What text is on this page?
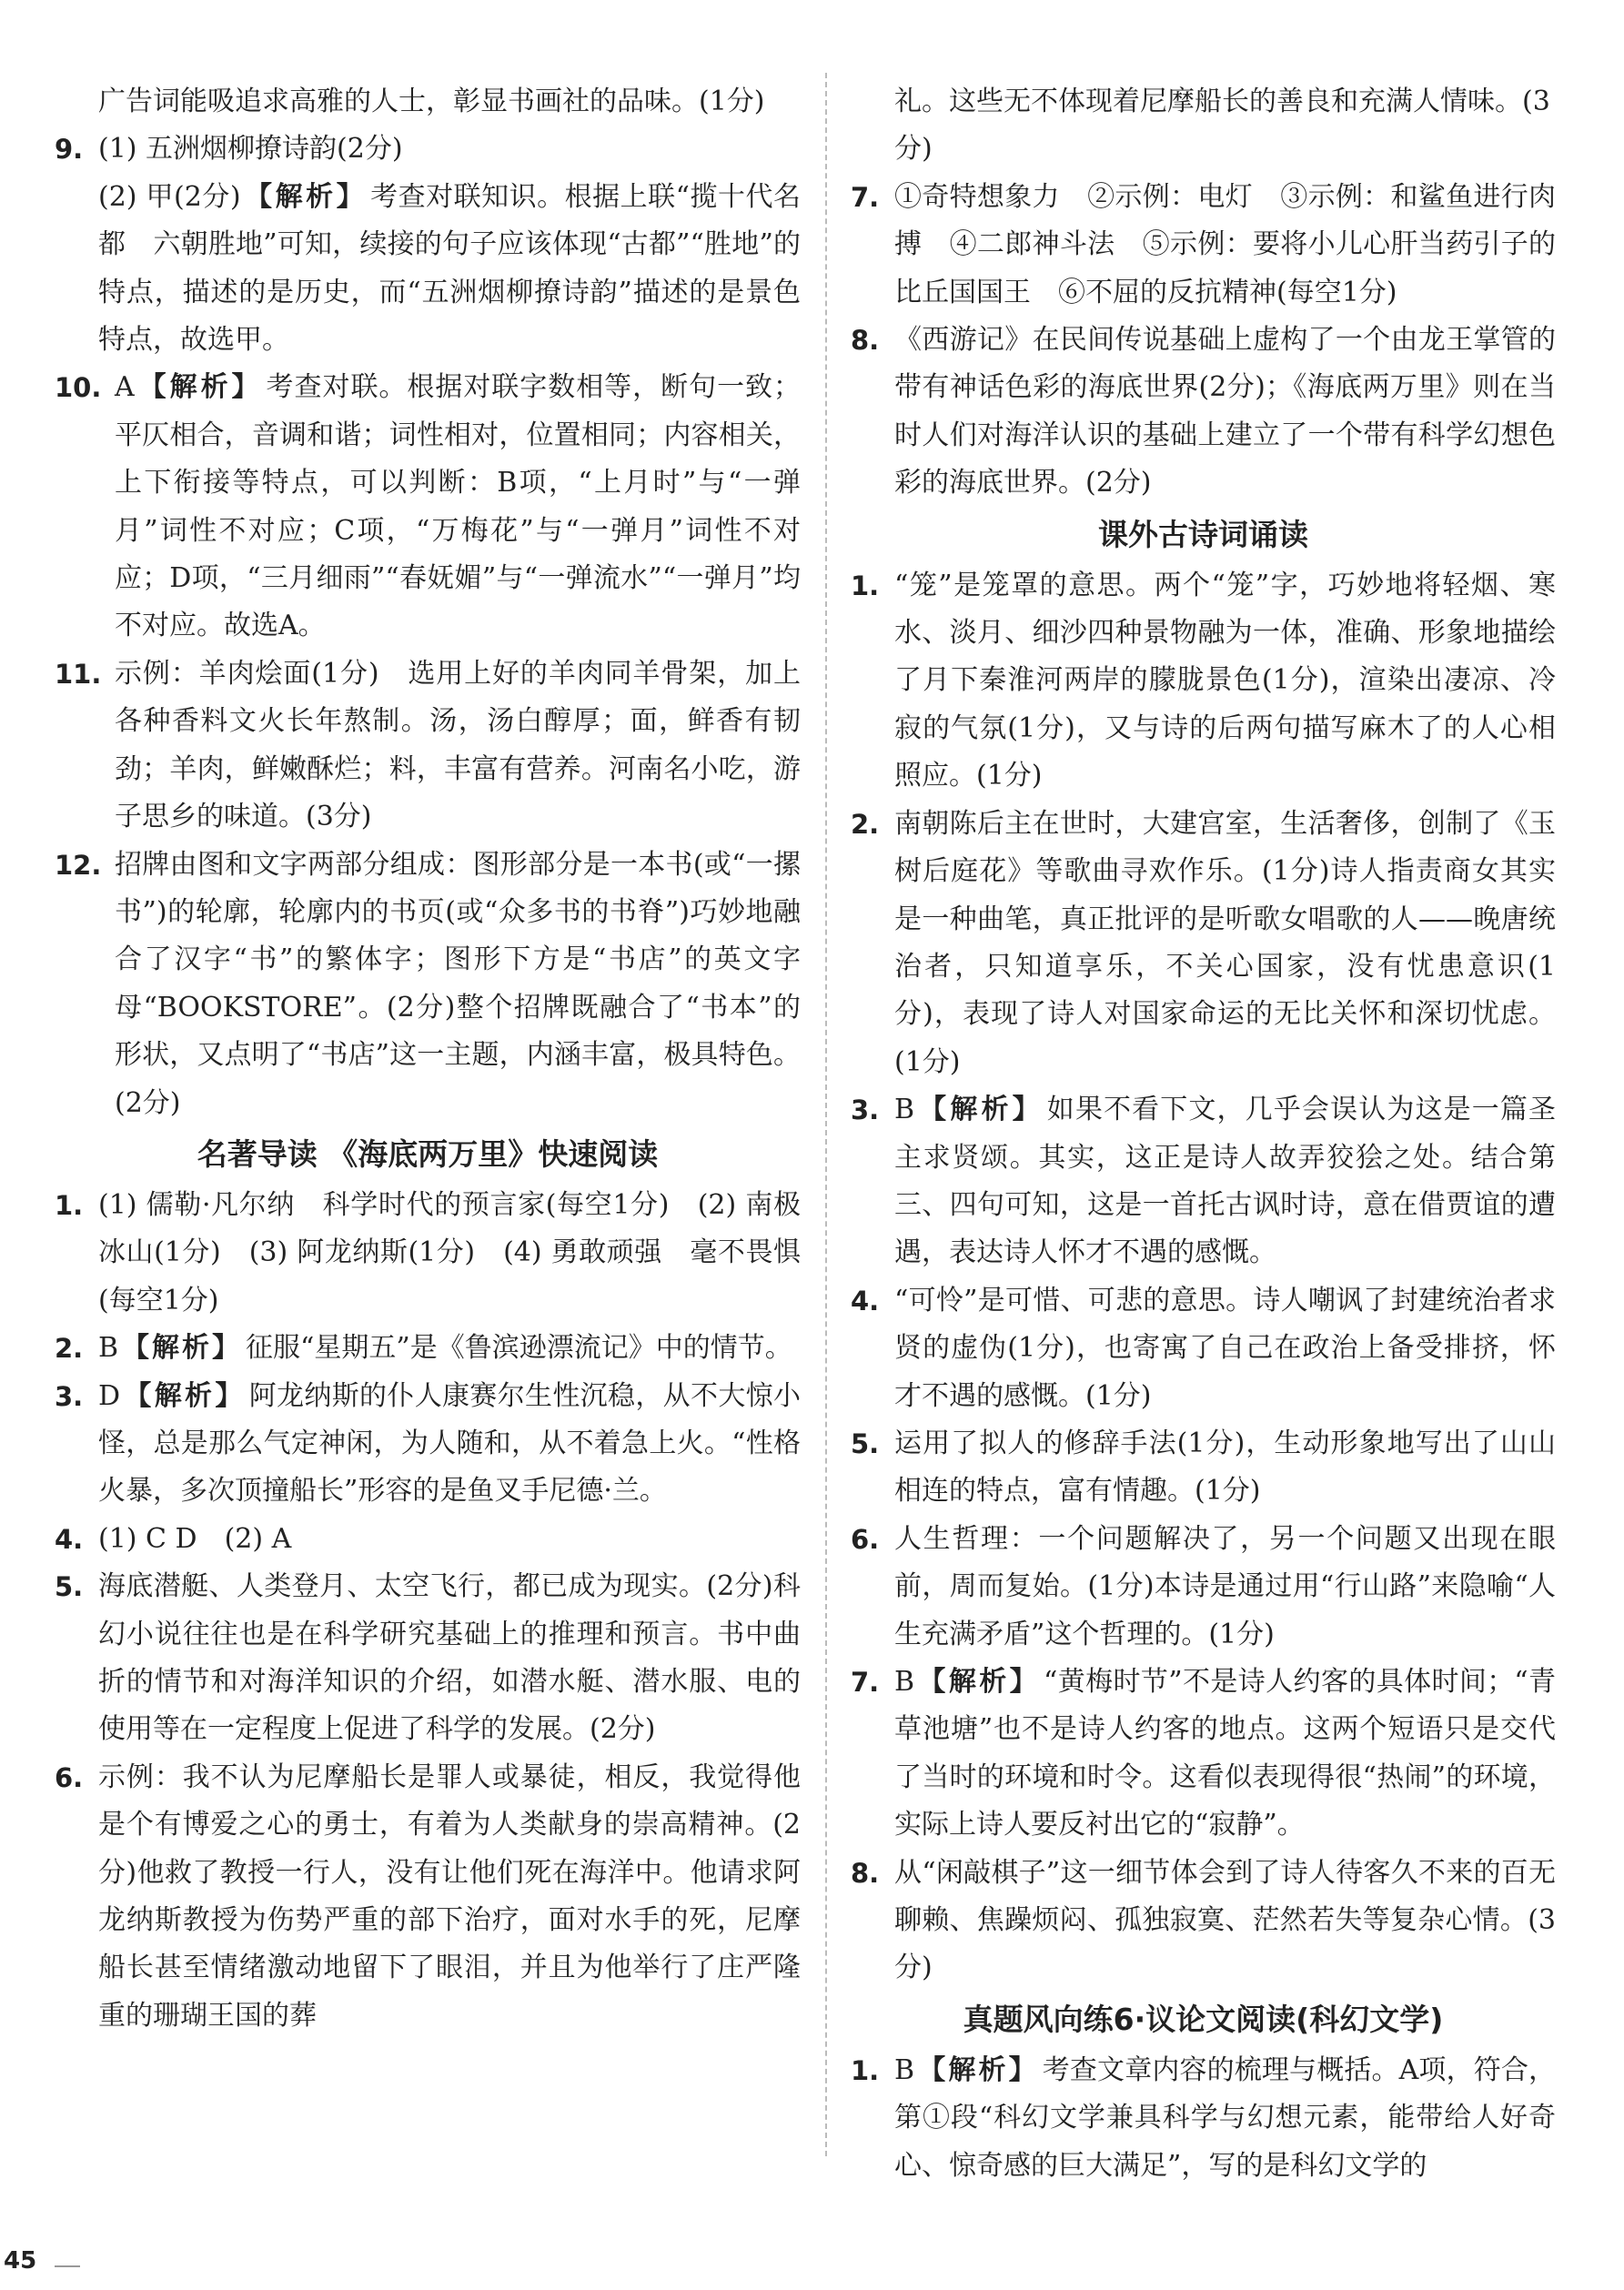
广告词能吸追求高雅的人士，彰显书画社的品味。(1分)
9. (1) 五洲烟柳撩诗韵(2分)

(2) 甲(2分) 【解析】 考查对联知识。根据上联“揽十代名都　六朝胜地”可知，续接的句子应该体现“古都”“胜地”的特点，描述的是历史，而“五洲烟柳撩诗韵”描述的是景色特点，故选甲。

10. A 【解析】 考查对联。根据对联字数相等，断句一致；平仄相合，音调和谐；词性相对，位置相同；内容相关，上下衔接等特点，可以判断：B项，“上月时”与“一弹月”词性不对应；C项，“万梅花”与“一弹月”词性不对应；D项，“三月细雨”“春妩媚”与“一弹流水”“一弹月”均不对应。故选A。

11. 示例：羊肉烩面(1分)　选用上好的羊肉同羊骨架，加上各种香料文火长年熬制。汤，汤白醇厚；面，鲜香有韧劲；羊肉，鲜嫩酥烂；料，丰富有营养。河南名小吃，游子思乡的味道。(3分)

12. 招牌由图和文字两部分组成：图形部分是一本书(或“一摞书”)的轮廓，轮廓内的书页(或“众多书的书脊”)巧妙地融合了汉字“书”的繁体字；图形下方是“书店”的英文字母“BOOKSTORE”。(2分)整个招牌既融合了“书本”的形状，又点明了“书店”这一主题，内涵丰富，极具特色。(2分)

名著导读 《海底两万里》快速阅读
1. (1) 儒勒·凡尔纳　科学时代的预言家(每空1分)　(2) 南极冰山(1分)　(3) 阿龙纳斯(1分)　(4) 勇敢顽强　毫不畏惧(每空1分)

2. B 【解析】 征服“星期五”是《鲁滨逊漂流记》中的情节。

3. D 【解析】 阿龙纳斯的仆人康赛尔生性沉稳，从不大惊小怪，总是那么气定神闲，为人随和，从不着急上火。“性格火暴，多次顶撞船长”形容的是鱼叉手尼德·兰。

4. (1) C D　(2) A

5. 海底潜艇、人类登月、太空飞行，都已成为现实。(2分)科幻小说往往也是在科学研究基础上的推理和预言。书中曲折的情节和对海洋知识的介绍，如潜水艇、潜水服、电的使用等在一定程度上促进了科学的发展。(2分)

6. 示例：我不认为尼摩船长是罪人或暴徒，相反，我觉得他是个有博爱之心的勇士，有着为人类献身的崇高精神。(2分)他救了教授一行人，没有让他们死在海洋中。他请求阿龙纳斯教授为伤势严重的部下治疗，面对水手的死，尼摩船长甚至情绪激动地留下了眼泪，并且为他举行了庄严隆重的珊瑚王国的葬

礼。这些无不体现着尼摩船长的善良和充满人情味。(3分)
7. ①奇特想象力　②示例：电灯　③示例：和鲨鱼进行肉搏　④二郎神斗法　⑤示例：要将小儿心肝当药引子的比丘国国王　⑥不屈的反抗精神(每空1分)

8. 《西游记》在民间传说基础上虚构了一个由龙王掌管的带有神话色彩的海底世界(2分)；《海底两万里》则在当时人们对海洋认识的基础上建立了一个带有科学幻想色彩的海底世界。(2分)

课外古诗词诵读
1. “笼”是笼罩的意思。两个“笼”字，巧妙地将轻烟、寒水、淡月、细沙四种景物融为一体，准确、形象地描绘了月下秦淮河两岸的朦胧景色(1分)，渲染出凄凉、冷寂的气氛(1分)，又与诗的后两句描写麻木了的人心相照应。(1分)

2. 南朝陈后主在世时，大建宫室，生活奢侈，创制了《玉树后庭花》等歌曲寻欢作乐。(1分)诗人指责商女其实是一种曲笔，真正批评的是听歌女唱歌的人——晚唐统治者，只知道享乐，不关心国家，没有忧患意识(1分)，表现了诗人对国家命运的无比关怀和深切忧虑。(1分)

3. B 【解析】 如果不看下文，几乎会误认为这是一篇圣主求贤颂。其实，这正是诗人故弄狡狯之处。结合第三、四句可知，这是一首托古讽时诗，意在借贾谊的遭遇，表达诗人怀才不遇的感慨。

4. “可怜”是可惜、可悲的意思。诗人嘲讽了封建统治者求贤的虚伪(1分)，也寄寓了自己在政治上备受排挤，怀才不遇的感慨。(1分)

5. 运用了拟人的修辞手法(1分)，生动形象地写出了山山相连的特点，富有情趣。(1分)

6. 人生哲理：一个问题解决了，另一个问题又出现在眼前，周而复始。(1分)本诗是通过用“行山路”来隐喻“人生充满矛盾”这个哲理的。(1分)

7. B 【解析】 “黄梅时节”不是诗人约客的具体时间；“青草池塘”也不是诗人约客的地点。这两个短语只是交代了当时的环境和时令。这看似表现得很“热闹”的环境，实际上诗人要反衬出它的“寂静”。

8. 从“闲敲棋子”这一细节体会到了诗人待客久不来的百无聊赖、焦躁烦闷、孤独寂寞、茫然若失等复杂心情。(3分)

真题风向练6·议论文阅读(科幻文学)
1. B 【解析】 考查文章内容的梳理与概括。A项，符合，第①段“科幻文学兼具科学与幻想元素，能带给人好奇心、惊奇感的巨大满足”，写的是科幻文学的

45
